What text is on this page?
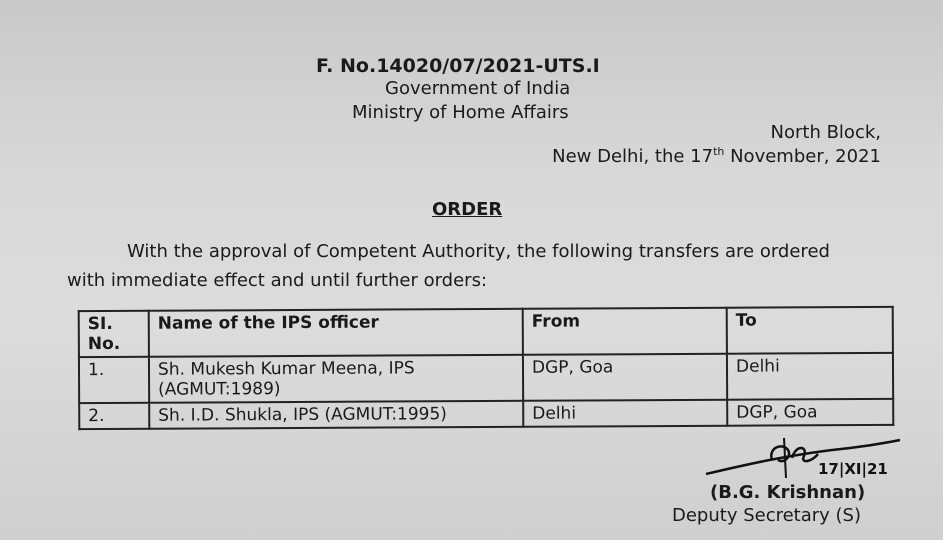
F. No.14020/07/2021-UTS.I
Government of India
Ministry of Home Affairs
North Block,
New Delhi, the 17th November, 2021
ORDER
With the approval of Competent Authority, the following transfers are ordered
with immediate effect and until further orders:
SI. No.	Name of the IPS officer	From	To
1.	Sh. Mukesh Kumar Meena, IPS (AGMUT:1989)	DGP, Goa	Delhi
2.	Sh. I.D. Shukla, IPS (AGMUT:1995)	Delhi	DGP, Goa
17|XI|21
(B.G. Krishnan)
Deputy Secretary (S)
